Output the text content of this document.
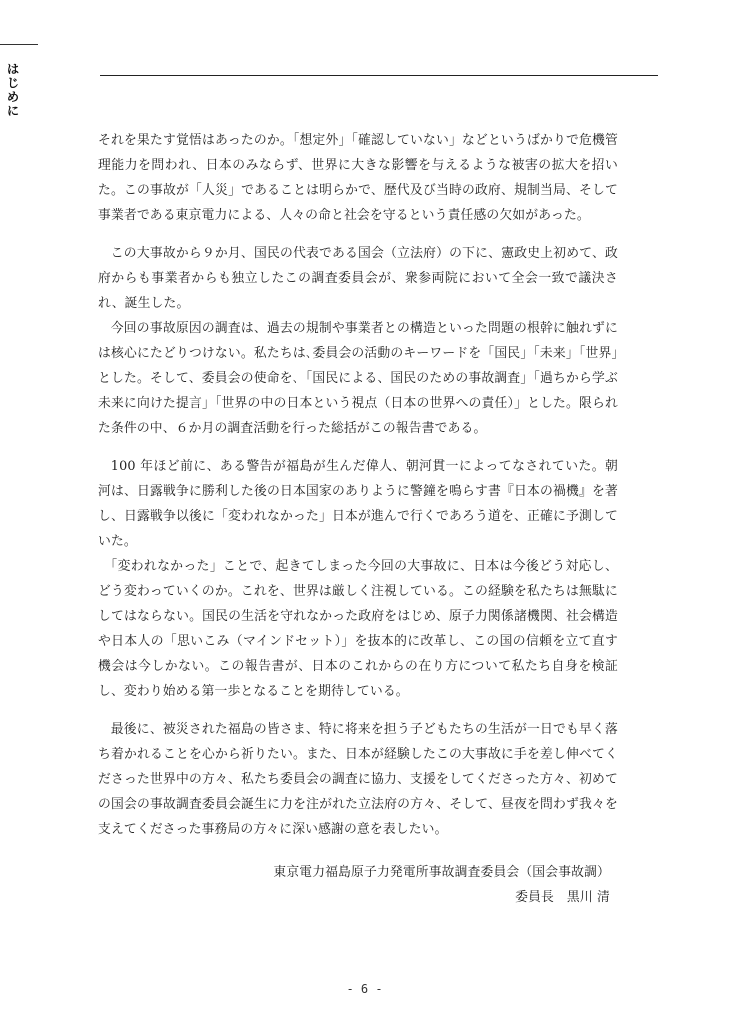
はじめに

それを果たす覚悟はあったのか。「想定外」「確認していない」などというばかりで危機管理能力を問われ、日本のみならず、世界に大きな影響を与えるような被害の拡大を招いた。この事故が「人災」であることは明らかで、歴代及び当時の政府、規制当局、そして事業者である東京電力による、人々の命と社会を守るという責任感の欠如があった。

この大事故から９か月、国民の代表である国会（立法府）の下に、憲政史上初めて、政府からも事業者からも独立したこの調査委員会が、衆参両院において全会一致で議決され、誕生した。

今回の事故原因の調査は、過去の規制や事業者との構造といった問題の根幹に触れずには核心にたどりつけない。私たちは､委員会の活動のキーワードを「国民」「未来」「世界」とした。そして、委員会の使命を､「国民による、国民のための事故調査」「過ちから学ぶ未来に向けた提言」「世界の中の日本という視点（日本の世界への責任）」とした。限られた条件の中、６か月の調査活動を行った総括がこの報告書である。

100 年ほど前に、ある警告が福島が生んだ偉人、朝河貫一によってなされていた。朝河は、日露戦争に勝利した後の日本国家のありように警鐘を鳴らす書『日本の禍機』を著し、日露戦争以後に「変われなかった」日本が進んで行くであろう道を、正確に予測していた。

「変われなかった」ことで、起きてしまった今回の大事故に、日本は今後どう対応し、どう変わっていくのか。これを、世界は厳しく注視している。この経験を私たちは無駄にしてはならない。国民の生活を守れなかった政府をはじめ、原子力関係諸機関、社会構造や日本人の「思いこみ（マインドセット）」を抜本的に改革し、この国の信頼を立て直す機会は今しかない。この報告書が、日本のこれからの在り方について私たち自身を検証し、変わり始める第一歩となることを期待している。

最後に、被災された福島の皆さま、特に将来を担う子どもたちの生活が一日でも早く落ち着かれることを心から祈りたい。また、日本が経験したこの大事故に手を差し伸べてくださった世界中の方々、私たち委員会の調査に協力、支援をしてくださった方々、初めての国会の事故調査委員会誕生に力を注がれた立法府の方々、そして、昼夜を問わず我々を支えてくださった事務局の方々に深い感謝の意を表したい。

東京電力福島原子力発電所事故調査委員会（国会事故調）
委員長　黒川 清
- 6 -
